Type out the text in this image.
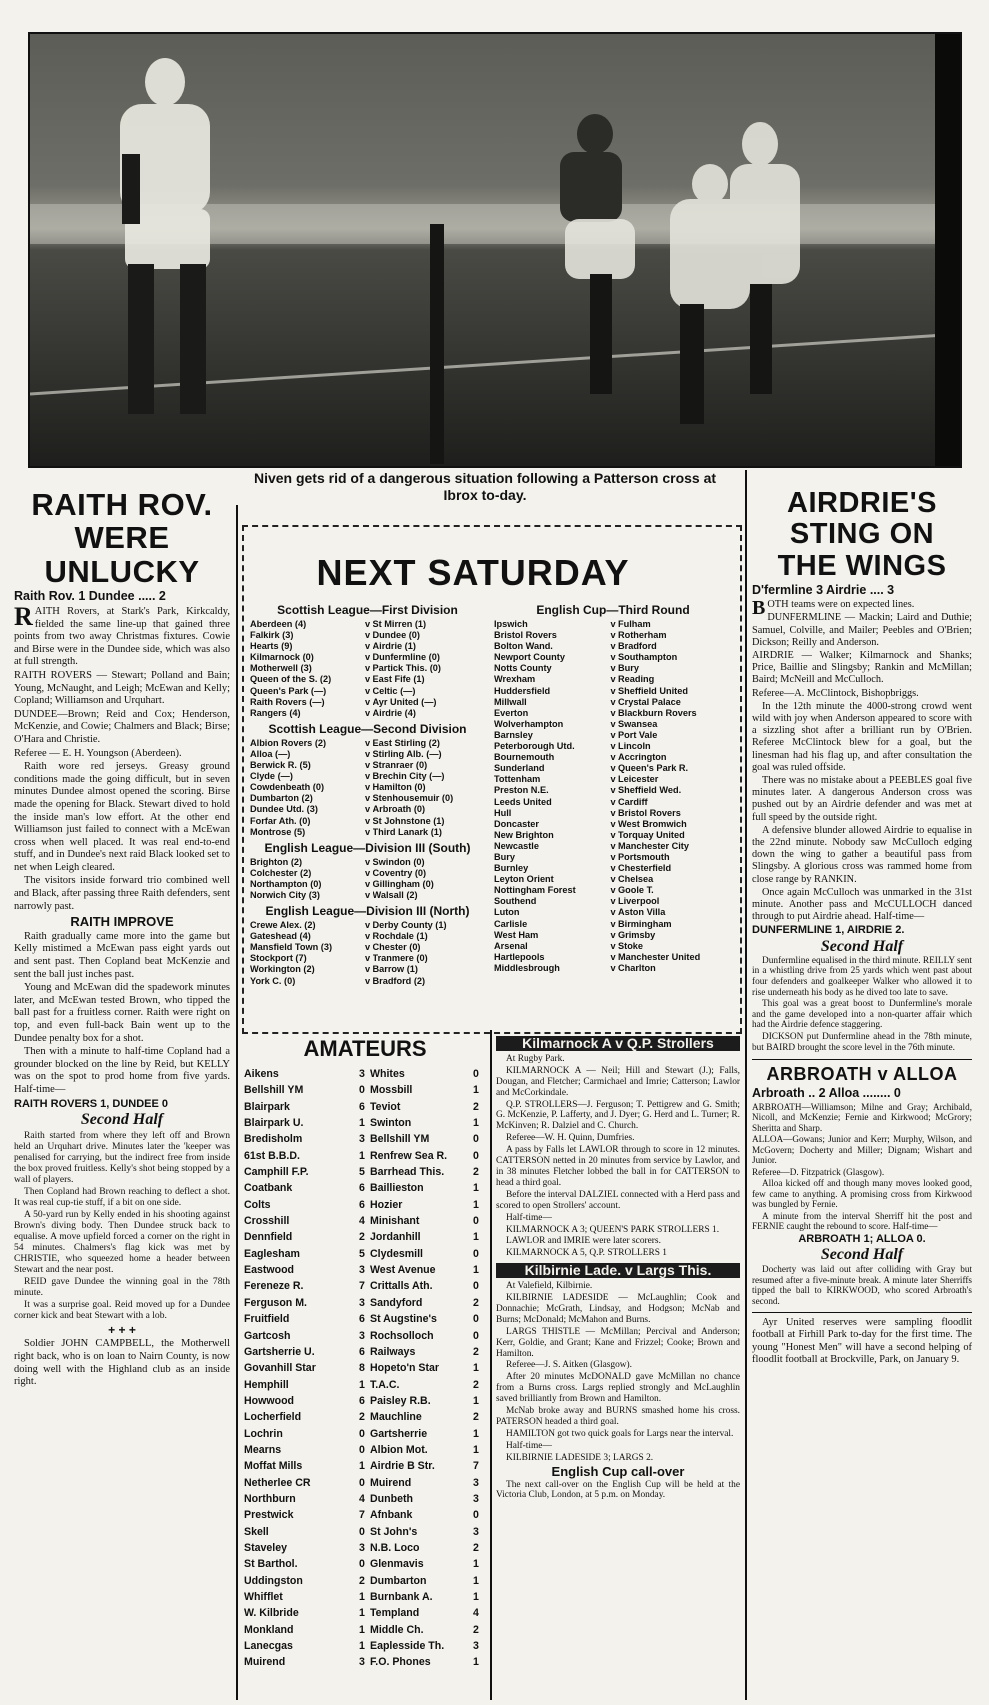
Niven gets rid of a dangerous situation following a Patterson cross at Ibrox to-day.
RAITH ROV.
WERE
UNLUCKY
Raith Rov. 1 Dundee ..... 2

RAITH Rovers, at Stark's Park, Kirkcaldy, fielded the same line-up that gained three points from two away Christmas fixtures. Cowie and Birse were in the Dundee side, which was also at full strength.

RAITH ROVERS — Stewart; Polland and Bain; Young, McNaught, and Leigh; McEwan and Kelly; Copland; Williamson and Urquhart.

DUNDEE—Brown; Reid and Cox; Henderson, McKenzie, and Cowie; Chalmers and Black; Birse; O'Hara and Christie.

Referee — E. H. Youngson (Aberdeen).

Raith wore red jerseys. Greasy ground conditions made the going difficult, but in seven minutes Dundee almost opened the scoring. Birse made the opening for Black. Stewart dived to hold the inside man's low effort. At the other end Williamson just failed to connect with a McEwan cross when well placed. It was real end-to-end stuff, and in Dundee's next raid Black looked set to net when Leigh cleared.

The visitors inside forward trio combined well and Black, after passing three Raith defenders, sent narrowly past.

RAITH IMPROVE

Raith gradually came more into the game but Kelly mistimed a McEwan pass eight yards out and sent past. Then Copland beat McKenzie and sent the ball just inches past.

Young and McEwan did the spadework minutes later, and McEwan tested Brown, who tipped the ball past for a fruitless corner. Raith were right on top, and even full-back Bain went up to the Dundee penalty box for a shot.

Then with a minute to half-time Copland had a grounder blocked on the line by Reid, but KELLY was on the spot to prod home from five yards. Half-time—

RAITH ROVERS 1, DUNDEE 0
Second Half

Raith started from where they left off and Brown held an Urquhart drive. Minutes later the 'keeper was penalised for carrying, but the indirect free from inside the box proved fruitless. Kelly's shot being stopped by a wall of players.

Then Copland had Brown reaching to deflect a shot. It was real cup-tie stuff, if a bit on one side.

A 50-yard run by Kelly ended in his shooting against Brown's diving body. Then Dundee struck back to equalise. A move upfield forced a corner on the right in 54 minutes. Chalmers's flag kick was met by CHRISTIE, who squeezed home a header between Stewart and the near post.

REID gave Dundee the winning goal in the 78th minute.

It was a surprise goal. Reid moved up for a Dundee corner kick and beat Stewart with a lob.

+ + +

Soldier JOHN CAMPBELL, the Motherwell right back, who is on loan to Nairn County, is now doing well with the Highland club as an inside right.

NEXT SATURDAY
Scottish League—First Division
Aberdeen (4)	v St Mirren (1)
Falkirk (3)	v Dundee (0)
Hearts (9)	v Airdrie (1)
Kilmarnock (0)	v Dunfermline (0)
Motherwell (3)	v Partick This. (0)
Queen of the S. (2)	v East Fife (1)
Queen's Park (—)	v Celtic (—)
Raith Rovers (—)	v Ayr United (—)
Rangers (4)	v Airdrie (4)
Scottish League—Second Division
Albion Rovers (2)	v East Stirling (2)
Alloa (—)	v Stirling Alb. (—)
Berwick R. (5)	v Stranraer (0)
Clyde (—)	v Brechin City (—)
Cowdenbeath (0)	v Hamilton (0)
Dumbarton (2)	v Stenhousemuir (0)
Dundee Utd. (3)	v Arbroath (0)
Forfar Ath. (0)	v St Johnstone (1)
Montrose (5)	v Third Lanark (1)
English League—Division III (South)
Brighton (2)	v Swindon (0)
Colchester (2)	v Coventry (0)
Northampton (0)	v Gillingham (0)
Norwich City (3)	v Walsall (2)
English League—Division III (North)
Crewe Alex. (2)	v Derby County (1)
Gateshead (4)	v Rochdale (1)
Mansfield Town (3)	v Chester (0)
Stockport (7)	v Tranmere (0)
Workington (2)	v Barrow (1)
York C. (0)	v Bradford (2)
English Cup—Third Round
Ipswich	v Fulham
Bristol Rovers	v Rotherham
Bolton Wand.	v Bradford
Newport County	v Southampton
Notts County	v Bury
Wrexham	v Reading
Huddersfield	v Sheffield United
Millwall	v Crystal Palace
Everton	v Blackburn Rovers
Wolverhampton	v Swansea
Barnsley	v Port Vale
Peterborough Utd.	v Lincoln
Bournemouth	v Accrington
Sunderland	v Queen's Park R.
Tottenham	v Leicester
Preston N.E.	v Sheffield Wed.
Leeds United	v Cardiff
Hull	v Bristol Rovers
Doncaster	v West Bromwich
New Brighton	v Torquay United
Newcastle	v Manchester City
Bury	v Portsmouth
Burnley	v Chesterfield
Leyton Orient	v Chelsea
Nottingham Forest	v Goole T.
Southend	v Liverpool
Luton	v Aston Villa
Carlisle	v Birmingham
West Ham	v Grimsby
Arsenal	v Stoke
Hartlepools	v Manchester United
Middlesbrough	v Charlton
AMATEURS
Aikens	3 Whites	0
Bellshill YM	0 Mossbill	1
Blairpark	6 Teviot	2
Blairpark U.	1 Swinton	1
Bredisholm	3 Bellshill YM	0
61st B.B.D.	1 Renfrew Sea R.	0
Camphill F.P.	5 Barrhead This.	2
Coatbank	6 Baillieston	1
Colts	6 Hozier	1
Crosshill	4 Minishant	0
Dennfield	2 Jordanhill	1
Eaglesham	5 Clydesmill	0
Eastwood	3 West Avenue	1
Fereneze R.	7 Crittalls Ath.	0
Ferguson M.	3 Sandyford	2
Fruitfield	6 St Augstine's	0
Gartcosh	3 Rochsolloch	0
Gartsherrie U.	6 Railways	2
Govanhill Star	8 Hopeto'n Star	1
Hemphill	1 T.A.C.	2
Howwood	6 Paisley R.B.	1
Locherfield	2 Mauchline	2
Lochrin	0 Gartsherrie	1
Mearns	0 Albion Mot.	1
Moffat Mills	1 Airdrie B Str.	7
Netherlee CR	0 Muirend	3
Northburn	4 Dunbeth	3
Prestwick	7 Afnbank	0
Skell	0 St John's	3
Staveley	3 N.B. Loco	2
St Barthol.	0 Glenmavis	1
Uddingston	2 Dumbarton	1
Whifflet	1 Burnbank A.	1
W. Kilbride	1 Templand	4
Monkland	1 Middle Ch.	2
Lanecgas	1 Eaplesside Th.	3
Muirend	3 F.O. Phones	1
Kilmarnock A v Q.P. Strollers

At Rugby Park.

KILMARNOCK A — Neil; Hill and Stewart (J.); Falls, Dougan, and Fletcher; Carmichael and Imrie; Catterson; Lawlor and McCorkindale.

Q.P. STROLLERS—J. Ferguson; T. Pettigrew and G. Smith; G. McKenzie, P. Lafferty, and J. Dyer; G. Herd and L. Turner; R. McKinven; R. Dalziel and C. Church.

Referee—W. H. Quinn, Dumfries.

A pass by Falls let LAWLOR through to score in 12 minutes. CATTERSON netted in 20 minutes from service by Lawlor, and in 38 minutes Fletcher lobbed the ball in for CATTERSON to head a third goal.

Before the interval DALZIEL connected with a Herd pass and scored to open Strollers' account.

Half-time—

KILMARNOCK A 3; QUEEN'S PARK STROLLERS 1.

LAWLOR and IMRIE were later scorers.

KILMARNOCK A 5, Q.P. STROLLERS 1

Kilbirnie Lade. v Largs This.

At Valefield, Kilbirnie.

KILBIRNIE LADESIDE — McLaughlin; Cook and Donnachie; McGrath, Lindsay, and Hodgson; McNab and Burns; McDonald; McMahon and Burns.

LARGS THISTLE — McMillan; Percival and Anderson; Kerr, Goldie, and Grant; Kane and Frizzel; Cooke; Brown and Hamilton.

Referee—J. S. Aitken (Glasgow).

After 20 minutes McDONALD gave McMillan no chance from a Burns cross. Largs replied strongly and McLaughlin saved brilliantly from Brown and Hamilton.

McNab broke away and BURNS smashed home his cross. PATERSON headed a third goal.

HAMILTON got two quick goals for Largs near the interval.

Half-time—

KILBIRNIE LADESIDE 3; LARGS 2.

English Cup call-over

The next call-over on the English Cup will be held at the Victoria Club, London, at 5 p.m. on Monday.

AIRDRIE'S
STING ON
THE WINGS
D'fermline 3 Airdrie .... 3

BOTH teams were on expected lines.

DUNFERMLINE — Mackin; Laird and Duthie; Samuel, Colville, and Mailer; Peebles and O'Brien; Dickson; Reilly and Anderson.

AIRDRIE — Walker; Kilmarnock and Shanks; Price, Baillie and Slingsby; Rankin and McMillan; Baird; McNeill and McCulloch.

Referee—A. McClintock, Bishopbriggs.

In the 12th minute the 4000-strong crowd went wild with joy when Anderson appeared to score with a sizzling shot after a brilliant run by O'Brien. Referee McClintock blew for a goal, but the linesman had his flag up, and after consultation the goal was ruled offside.

There was no mistake about a PEEBLES goal five minutes later. A dangerous Anderson cross was pushed out by an Airdrie defender and was met at full speed by the outside right.

A defensive blunder allowed Airdrie to equalise in the 22nd minute. Nobody saw McCulloch edging down the wing to gather a beautiful pass from Slingsby. A glorious cross was rammed home from close range by RANKIN.

Once again McCulloch was unmarked in the 31st minute. Another pass and McCULLOCH danced through to put Airdrie ahead. Half-time—

DUNFERMLINE 1, AIRDRIE 2.
Second Half

Dunfermline equalised in the third minute. REILLY sent in a whistling drive from 25 yards which went past about four defenders and goalkeeper Walker who allowed it to rise underneath his body as he dived too late to save.

This goal was a great boost to Dunfermline's morale and the game developed into a non-quarter affair which had the Airdrie defence staggering.

DICKSON put Dunfermline ahead in the 78th minute, but BAIRD brought the score level in the 76th minute.

ARBROATH v ALLOA
Arbroath .. 2 Alloa ........ 0

ARBROATH—Williamson; Milne and Gray; Archibald, Nicoll, and McKenzie; Fernie and Kirkwood; McGrory; Sheritta and Sharp.

ALLOA—Gowans; Junior and Kerr; Murphy, Wilson, and McGovern; Docherty and Miller; Dignam; Wishart and Junior.

Referee—D. Fitzpatrick (Glasgow).

Alloa kicked off and though many moves looked good, few came to anything. A promising cross from Kirkwood was bungled by Fernie.

A minute from the interval Sherriff hit the post and FERNIE caught the rebound to score. Half-time—

ARBROATH 1; ALLOA 0.
Second Half

Docherty was laid out after colliding with Gray but resumed after a five-minute break. A minute later Sherriffs tipped the ball to KIRKWOOD, who scored Arbroath's second.

Ayr United reserves were sampling floodlit football at Firhill Park to-day for the first time. The young "Honest Men" will have a second helping of floodlit football at Brockville, Park, on January 9.
